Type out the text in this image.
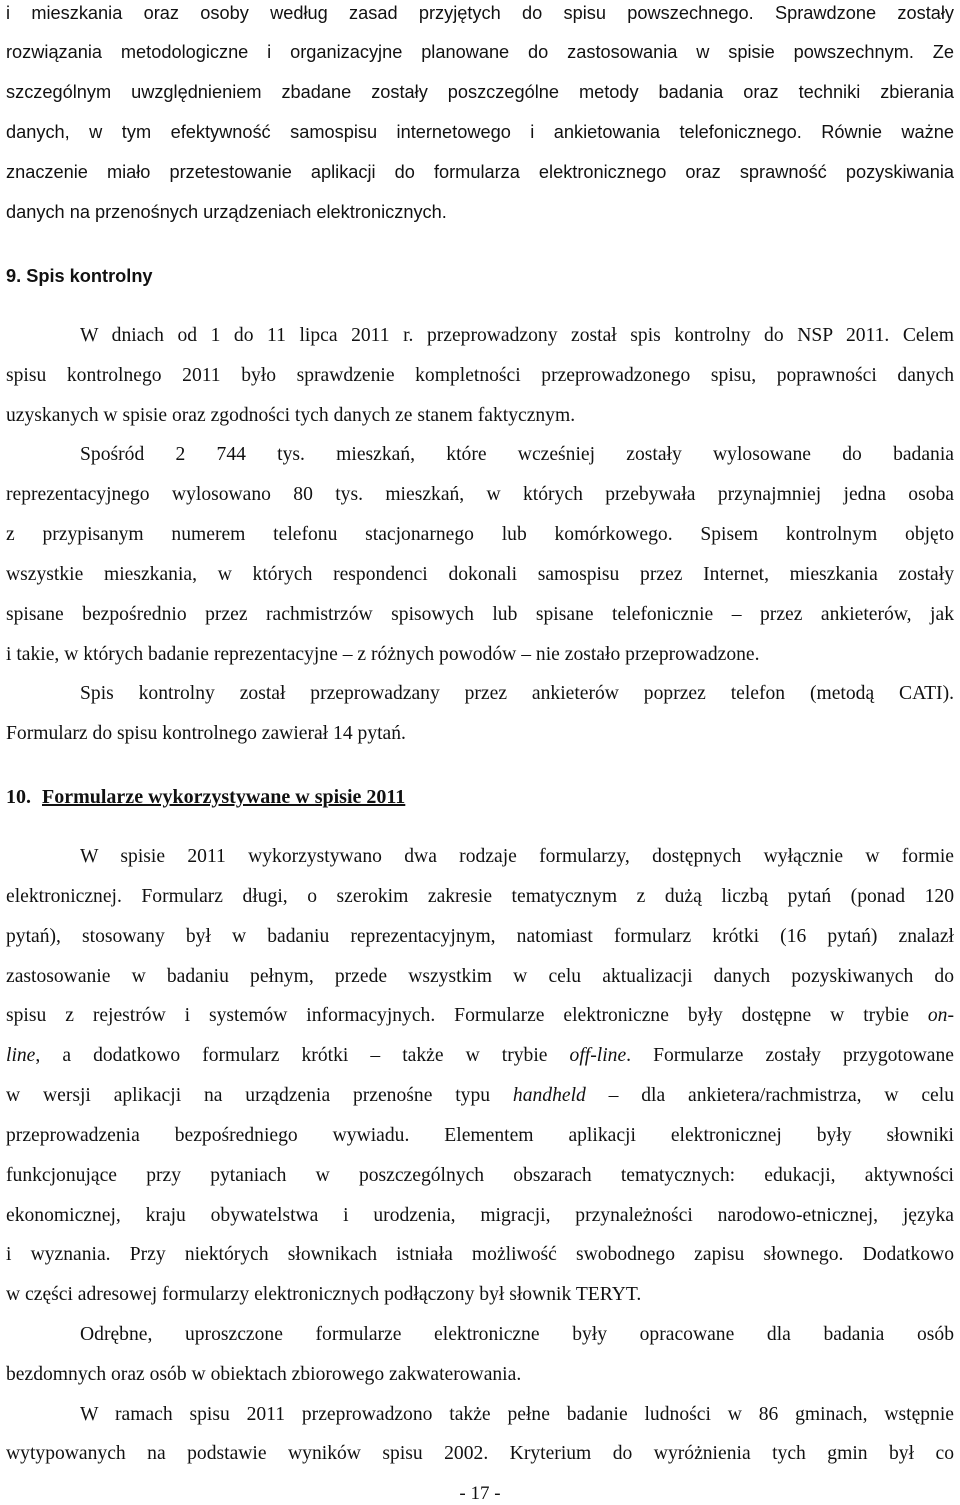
i mieszkania oraz osoby według zasad przyjętych do spisu powszechnego. Sprawdzone zostały
rozwiązania metodologiczne i organizacyjne planowane do zastosowania w spisie powszechnym. Ze
szczególnym uwzględnieniem zbadane zostały poszczególne metody badania oraz techniki zbierania
danych, w tym efektywność samospisu internetowego i ankietowania telefonicznego. Równie ważne
znaczenie miało przetestowanie aplikacji do formularza elektronicznego oraz sprawność pozyskiwania
danych na przenośnych urządzeniach elektronicznych.
9. Spis kontrolny
W dniach od 1 do 11 lipca 2011 r. przeprowadzony został spis kontrolny do NSP 2011. Celem
spisu kontrolnego 2011 było sprawdzenie kompletności przeprowadzonego spisu, poprawności danych
uzyskanych w spisie oraz zgodności tych danych ze stanem faktycznym.
Spośród 2 744 tys. mieszkań, które wcześniej zostały wylosowane do badania
reprezentacyjnego wylosowano 80 tys. mieszkań, w których przebywała przynajmniej jedna osoba
z przypisanym numerem telefonu stacjonarnego lub komórkowego. Spisem kontrolnym objęto
wszystkie mieszkania, w których respondenci dokonali samospisu przez Internet, mieszkania zostały
spisane bezpośrednio przez rachmistrzów spisowych lub spisane telefonicznie – przez ankieterów, jak
i takie, w których badanie reprezentacyjne – z różnych powodów – nie zostało przeprowadzone.
Spis kontrolny został przeprowadzany przez ankieterów poprzez telefon (metodą CATI).
Formularz do spisu kontrolnego zawierał 14 pytań.
10. Formularze wykorzystywane w spisie 2011
W spisie 2011 wykorzystywano dwa rodzaje formularzy, dostępnych wyłącznie w formie
elektronicznej. Formularz długi, o szerokim zakresie tematycznym z dużą liczbą pytań (ponad 120
pytań), stosowany był w badaniu reprezentacyjnym, natomiast formularz krótki (16 pytań) znalazł
zastosowanie w badaniu pełnym, przede wszystkim w celu aktualizacji danych pozyskiwanych do
spisu z rejestrów i systemów informacyjnych. Formularze elektroniczne były dostępne w trybie on-
line, a dodatkowo formularz krótki – także w trybie off-line. Formularze zostały przygotowane
w wersji aplikacji na urządzenia przenośne typu handheld – dla ankietera/rachmistrza, w celu
przeprowadzenia bezpośredniego wywiadu. Elementem aplikacji elektronicznej były słowniki
funkcjonujące przy pytaniach w poszczególnych obszarach tematycznych: edukacji, aktywności
ekonomicznej, kraju obywatelstwa i urodzenia, migracji, przynależności narodowo-etnicznej, języka
i wyznania. Przy niektórych słownikach istniała możliwość swobodnego zapisu słownego. Dodatkowo
w części adresowej formularzy elektronicznych podłączony był słownik TERYT.
Odrębne, uproszczone formularze elektroniczne były opracowane dla badania osób
bezdomnych oraz osób w obiektach zbiorowego zakwaterowania.
W ramach spisu 2011 przeprowadzono także pełne badanie ludności w 86 gminach, wstępnie
wytypowanych na podstawie wyników spisu 2002. Kryterium do wyróżnienia tych gmin był co
- 17 -
